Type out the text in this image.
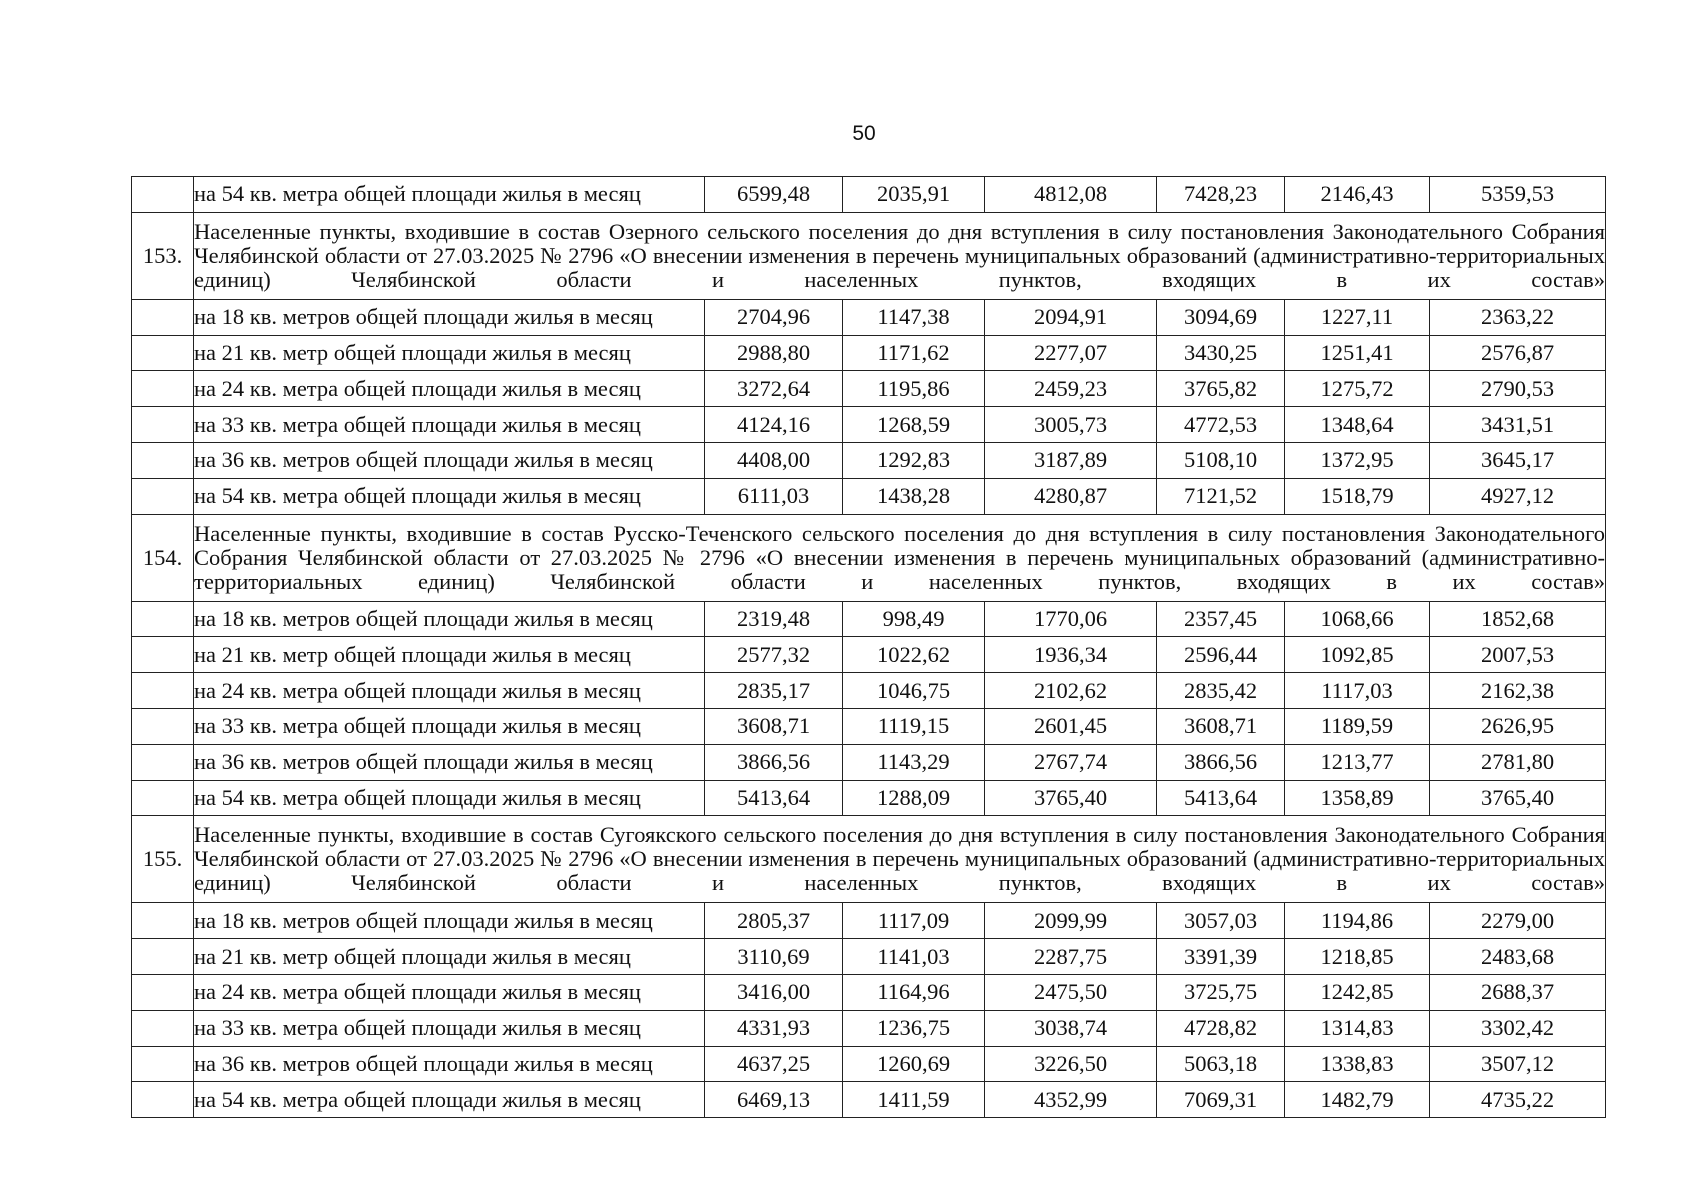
50
	на 54 кв. метра общей площади жилья в месяц	6599,48	2035,91	4812,08	7428,23	2146,43	5359,53
153.	Населенные пункты, входившие в состав Озерного сельского поселения до дня вступления в силу постановления Законодательного Собрания Челябинской области от 27.03.2025 № 2796 «О внесении изменения в перечень муниципальных образований (административно-территориальных единиц) Челябинской области и населенных пунктов, входящих в их состав»						
	на 18 кв. метров общей площади жилья в месяц	2704,96	1147,38	2094,91	3094,69	1227,11	2363,22
	на 21 кв. метр общей площади жилья в месяц	2988,80	1171,62	2277,07	3430,25	1251,41	2576,87
	на 24 кв. метра общей площади жилья в месяц	3272,64	1195,86	2459,23	3765,82	1275,72	2790,53
	на 33 кв. метра общей площади жилья в месяц	4124,16	1268,59	3005,73	4772,53	1348,64	3431,51
	на 36 кв. метров общей площади жилья в месяц	4408,00	1292,83	3187,89	5108,10	1372,95	3645,17
	на 54 кв. метра общей площади жилья в месяц	6111,03	1438,28	4280,87	7121,52	1518,79	4927,12
154.	Населенные пункты, входившие в состав Русско-Теченского сельского поселения до дня вступления в силу постановления Законодательного Собрания Челябинской области от 27.03.2025 № 2796 «О внесении изменения в перечень муниципальных образований (административно-территориальных единиц) Челябинской области и населенных пунктов, входящих в их состав»						
	на 18 кв. метров общей площади жилья в месяц	2319,48	998,49	1770,06	2357,45	1068,66	1852,68
	на 21 кв. метр общей площади жилья в месяц	2577,32	1022,62	1936,34	2596,44	1092,85	2007,53
	на 24 кв. метра общей площади жилья в месяц	2835,17	1046,75	2102,62	2835,42	1117,03	2162,38
	на 33 кв. метра общей площади жилья в месяц	3608,71	1119,15	2601,45	3608,71	1189,59	2626,95
	на 36 кв. метров общей площади жилья в месяц	3866,56	1143,29	2767,74	3866,56	1213,77	2781,80
	на 54 кв. метра общей площади жилья в месяц	5413,64	1288,09	3765,40	5413,64	1358,89	3765,40
155.	Населенные пункты, входившие в состав Сугоякского сельского поселения до дня вступления в силу постановления Законодательного Собрания Челябинской области от 27.03.2025 № 2796 «О внесении изменения в перечень муниципальных образований (административно-территориальных единиц) Челябинской области и населенных пунктов, входящих в их состав»						
	на 18 кв. метров общей площади жилья в месяц	2805,37	1117,09	2099,99	3057,03	1194,86	2279,00
	на 21 кв. метр общей площади жилья в месяц	3110,69	1141,03	2287,75	3391,39	1218,85	2483,68
	на 24 кв. метра общей площади жилья в месяц	3416,00	1164,96	2475,50	3725,75	1242,85	2688,37
	на 33 кв. метра общей площади жилья в месяц	4331,93	1236,75	3038,74	4728,82	1314,83	3302,42
	на 36 кв. метров общей площади жилья в месяц	4637,25	1260,69	3226,50	5063,18	1338,83	3507,12
	на 54 кв. метра общей площади жилья в месяц	6469,13	1411,59	4352,99	7069,31	1482,79	4735,22
